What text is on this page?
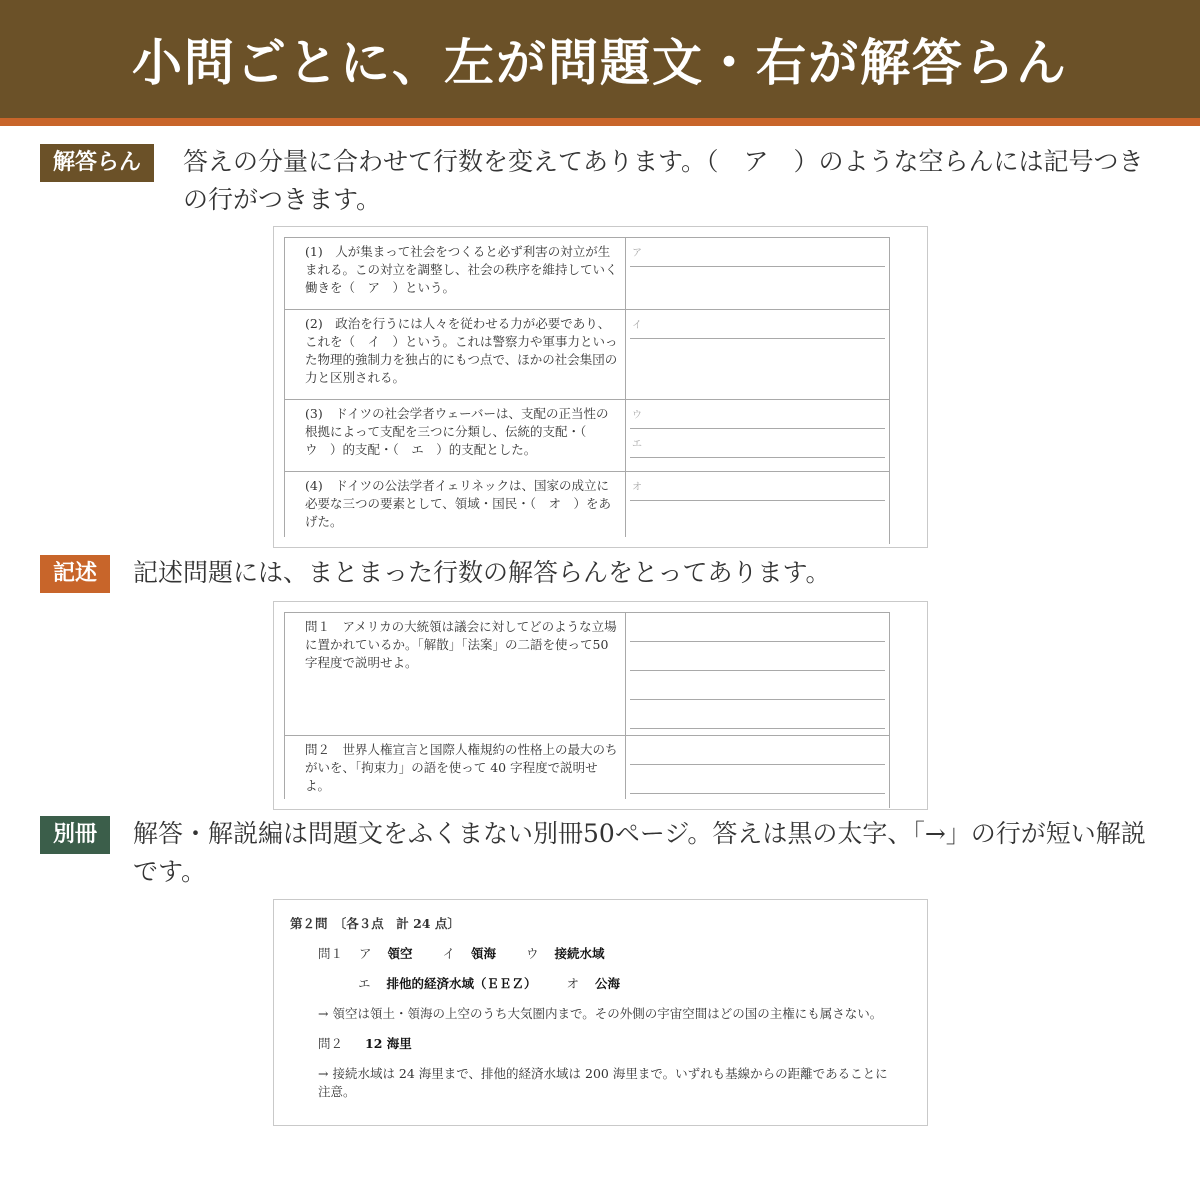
小問ごとに、左が問題文・右が解答らん
解答らん	答えの分量に合わせて行数を変えてあります。（　ア　）のような空らんには記号つきの行がつきます。
(1)　人が集まって社会をつくると必ず利害の対立が生まれる。この対立を調整し、社会の秩序を維持していく働きを（　ア　）という。	ア

(2)　政治を行うには人々を従わせる力が必要であり、これを（　イ　）という。これは警察力や軍事力といった物理的強制力を独占的にもつ点で、ほかの社会集団の力と区別される。	イ

(3)　ドイツの社会学者ウェーバーは、支配の正当性の根拠によって支配を三つに分類し、伝統的支配・（　ウ　）的支配・（　エ　）的支配とした。	ウ
エ

(4)　ドイツの公法学者イェリネックは、国家の成立に必要な三つの要素として、領域・国民・（　オ　）をあげた。	オ
記述	記述問題には、まとまった行数の解答らんをとってあります。
問１　アメリカの大統領は議会に対してどのような立場に置かれているか。「解散」「法案」の二語を使って50字程度で説明せよ。	

問２　世界人権宣言と国際人権規約の性格上の最大のちがいを、「拘束力」の語を使って 40 字程度で説明せよ。	

別冊	解答・解説編は問題文をふくまない別冊50ページ。答えは黒の太字、「→」の行が短い解説です。
第２問　〔各３点　計 24 点〕
問１ ア 領空 イ 領海 ウ 接続水域
エ 排他的経済水域（ＥＥＺ） オ 公海
→ 領空は領土・領海の上空のうち大気圏内まで。その外側の宇宙空間はどの国の主権にも属さない。
問２ 12 海里
→ 接続水域は 24 海里まで、排他的経済水域は 200 海里まで。いずれも基線からの距離であることに注意。
